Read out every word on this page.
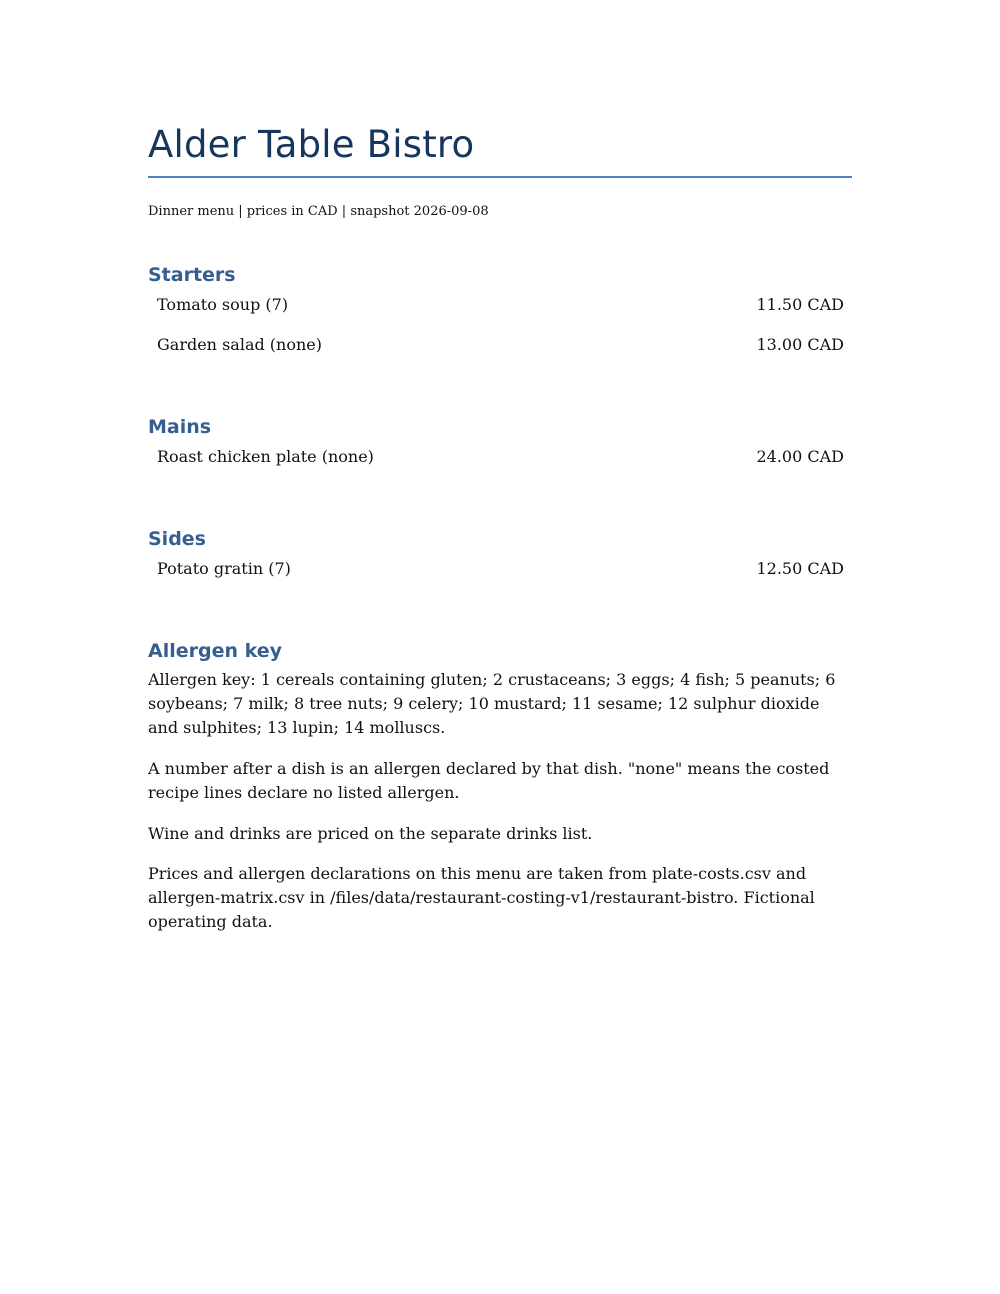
Alder Table Bistro
Dinner menu | prices in CAD | snapshot 2026-09-08
Starters
Tomato soup (7)	11.50 CAD
Garden salad (none)	13.00 CAD
Mains
Roast chicken plate (none)	24.00 CAD
Sides
Potato gratin (7)	12.50 CAD
Allergen key

Allergen key: 1 cereals containing gluten; 2 crustaceans; 3 eggs; 4 fish; 5 peanuts; 6 soybeans; 7 milk; 8 tree nuts; 9 celery; 10 mustard; 11 sesame; 12 sulphur dioxide and sulphites; 13 lupin; 14 molluscs.

A number after a dish is an allergen declared by that dish. "none" means the costed recipe lines declare no listed allergen.

Wine and drinks are priced on the separate drinks list.

Prices and allergen declarations on this menu are taken from plate-costs.csv and allergen-matrix.csv in /files/data/restaurant-costing-v1/restaurant-bistro. Fictional operating data.
